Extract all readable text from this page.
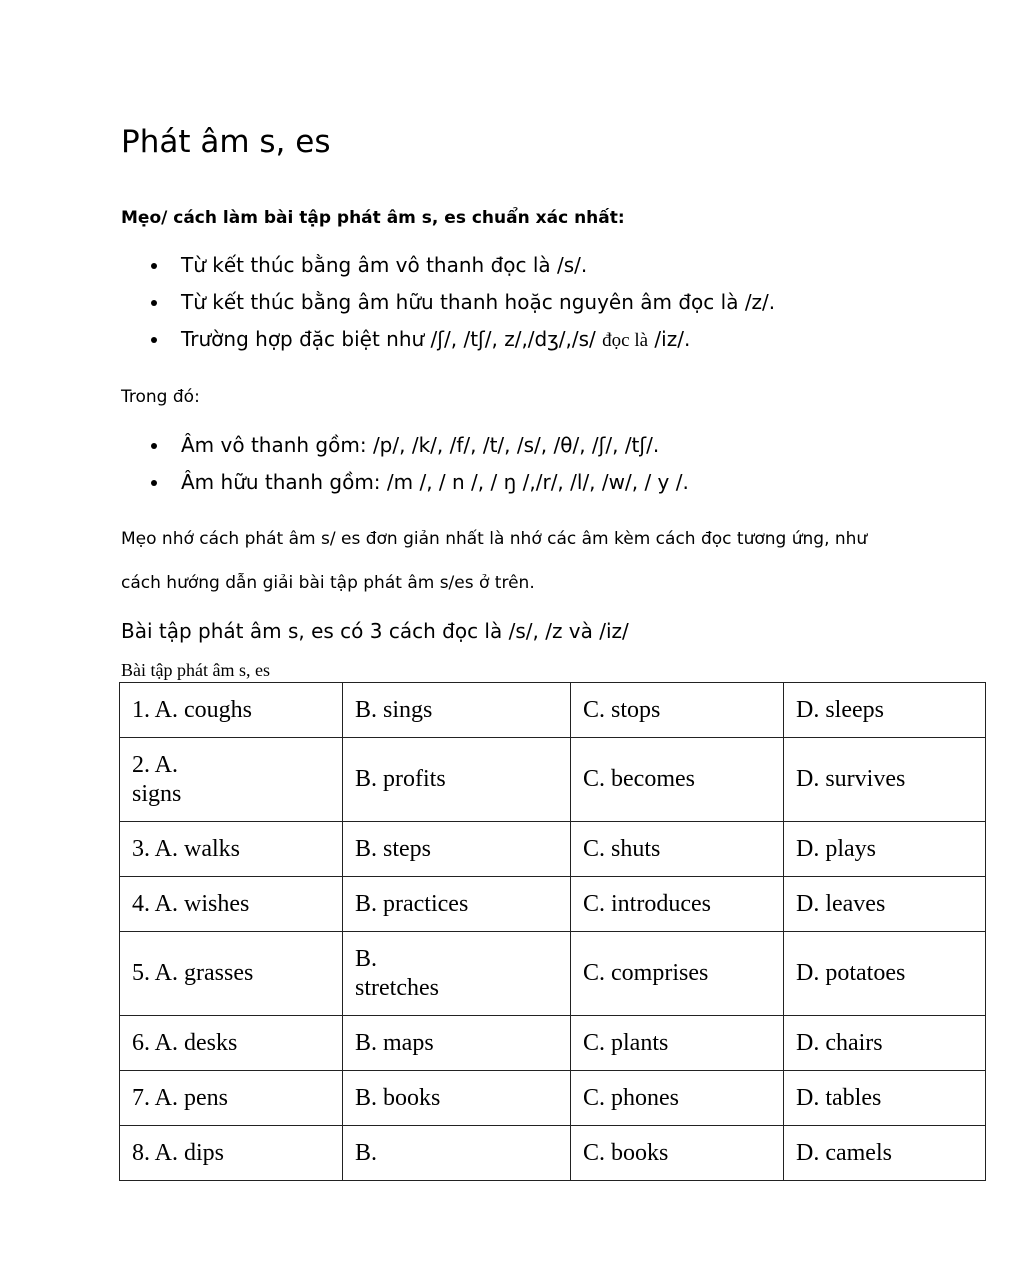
Phát âm s, es

Mẹo/ cách làm bài tập phát âm s, es chuẩn xác nhất:

Từ kết thúc bằng âm vô thanh đọc là /s/.
Từ kết thúc bằng âm hữu thanh hoặc nguyên âm đọc là /z/.
Trường hợp đặc biệt như /ʃ/, /tʃ/, z/,/dʒ/,/s/ đọc là /iz/.

Trong đó:

Âm vô thanh gồm: /p/, /k/, /f/, /t/, /s/, /θ/, /ʃ/, /tʃ/.
Âm hữu thanh gồm: /m /, / n /, / ŋ /,/r/, /l/, /w/, / y /.

Mẹo nhớ cách phát âm s/ es đơn giản nhất là nhớ các âm kèm cách đọc tương ứng, như

cách hướng dẫn giải bài tập phát âm s/es ở trên.

Bài tập phát âm s, es có 3 cách đọc là /s/, /z và /iz/

Bài tập phát âm s, es

1. A. coughs	B. sings	C. stops	D. sleeps
2. A. signs	B. profits	C. becomes	D. survives
3. A. walks	B. steps	C. shuts	D. plays
4. A. wishes	B. practices	C. introduces	D. leaves
5. A. grasses	B. stretches	C. comprises	D. potatoes
6. A. desks	B. maps	C. plants	D. chairs
7. A. pens	B. books	C. phones	D. tables
8. A. dips	B.	C. books	D. camels
